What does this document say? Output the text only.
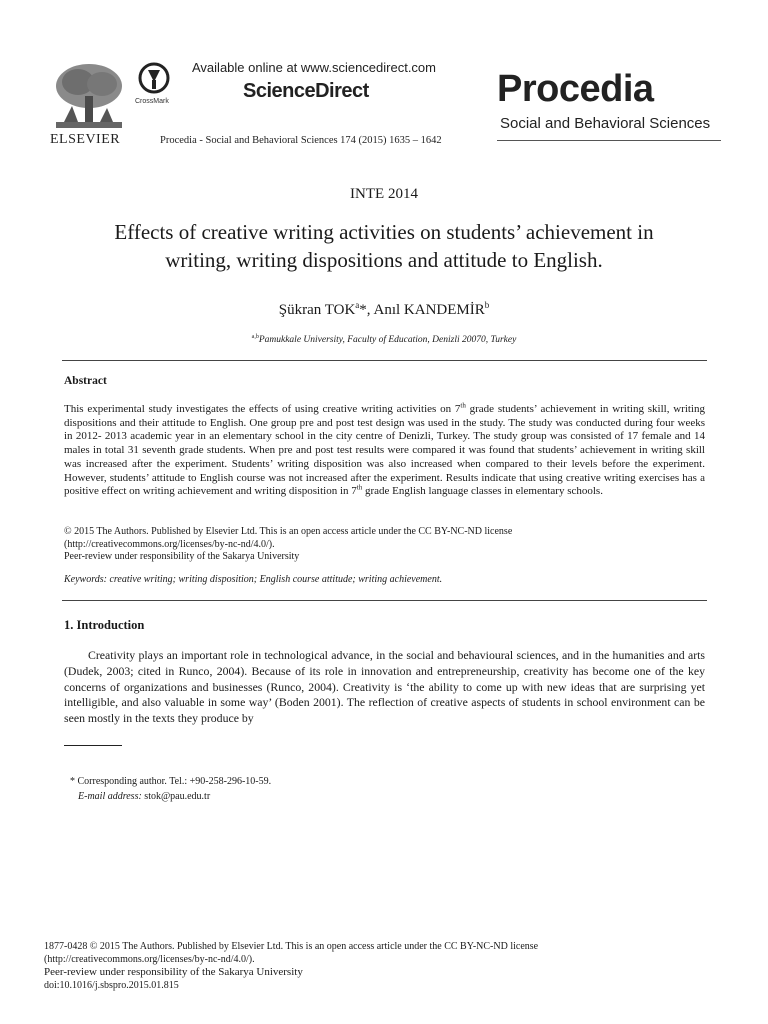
ELSEVIER
CrossMark
Available online at www.sciencedirect.com
ScienceDirect
Procedia - Social and Behavioral Sciences 174 (2015) 1635 – 1642
Procedia
Social and Behavioral Sciences
INTE 2014
Effects of creative writing activities on students’ achievement in
writing, writing dispositions and attitude to English.
Şükran TOK$^a$*, Anıl KANDEMİR$^b$
$^{a,b}$Pamukkale University, Faculty of Education, Denizli 20070, Turkey
Abstract
This experimental study investigates the effects of using creative writing activities on 7th grade students’ achievement in writing skill, writing dispositions and their attitude to English. One group pre and post test design was used in the study. The study was conducted during four weeks in 2012- 2013 academic year in an elementary school in the city centre of Denizli, Turkey. The study group was consisted of 17 female and 14 males in total 31 seventh grade students. When pre and post test results were compared it was found that students’ achievement in writing skill was increased after the experiment. Students’ writing disposition was also increased when compared to their levels before the experiment. However, students’ attitude to English course was not increased after the experiment. Results indicate that using creative writing exercises has a positive effect on writing achievement and writing disposition in 7th grade English language classes in elementary schools.
© 2015 The Authors. Published by Elsevier Ltd. This is an open access article under the CC BY-NC-ND license
(http://creativecommons.org/licenses/by-nc-nd/4.0/).
Peer-review under responsibility of the Sakarya University
Keywords: creative writing; writing disposition; English course attitude; writing achievement.
1. Introduction
Creativity plays an important role in technological advance, in the social and behavioural sciences, and in the humanities and arts (Dudek, 2003; cited in Runco, 2004). Because of its role in innovation and entrepreneurship, creativity has become one of the key concerns of organizations and businesses (Runco, 2004). Creativity is ‘the ability to come up with new ideas that are surprising yet intelligible, and also valuable in some way’ (Boden 2001). The reflection of creative aspects of students in school environment can be seen mostly in the texts they produce by
* Corresponding author. Tel.: +90-258-296-10-59.
E-mail address: stok@pau.edu.tr
1877-0428 © 2015 The Authors. Published by Elsevier Ltd. This is an open access article under the CC BY-NC-ND license
(http://creativecommons.org/licenses/by-nc-nd/4.0/).
Peer-review under responsibility of the Sakarya University
doi:10.1016/j.sbspro.2015.01.815
